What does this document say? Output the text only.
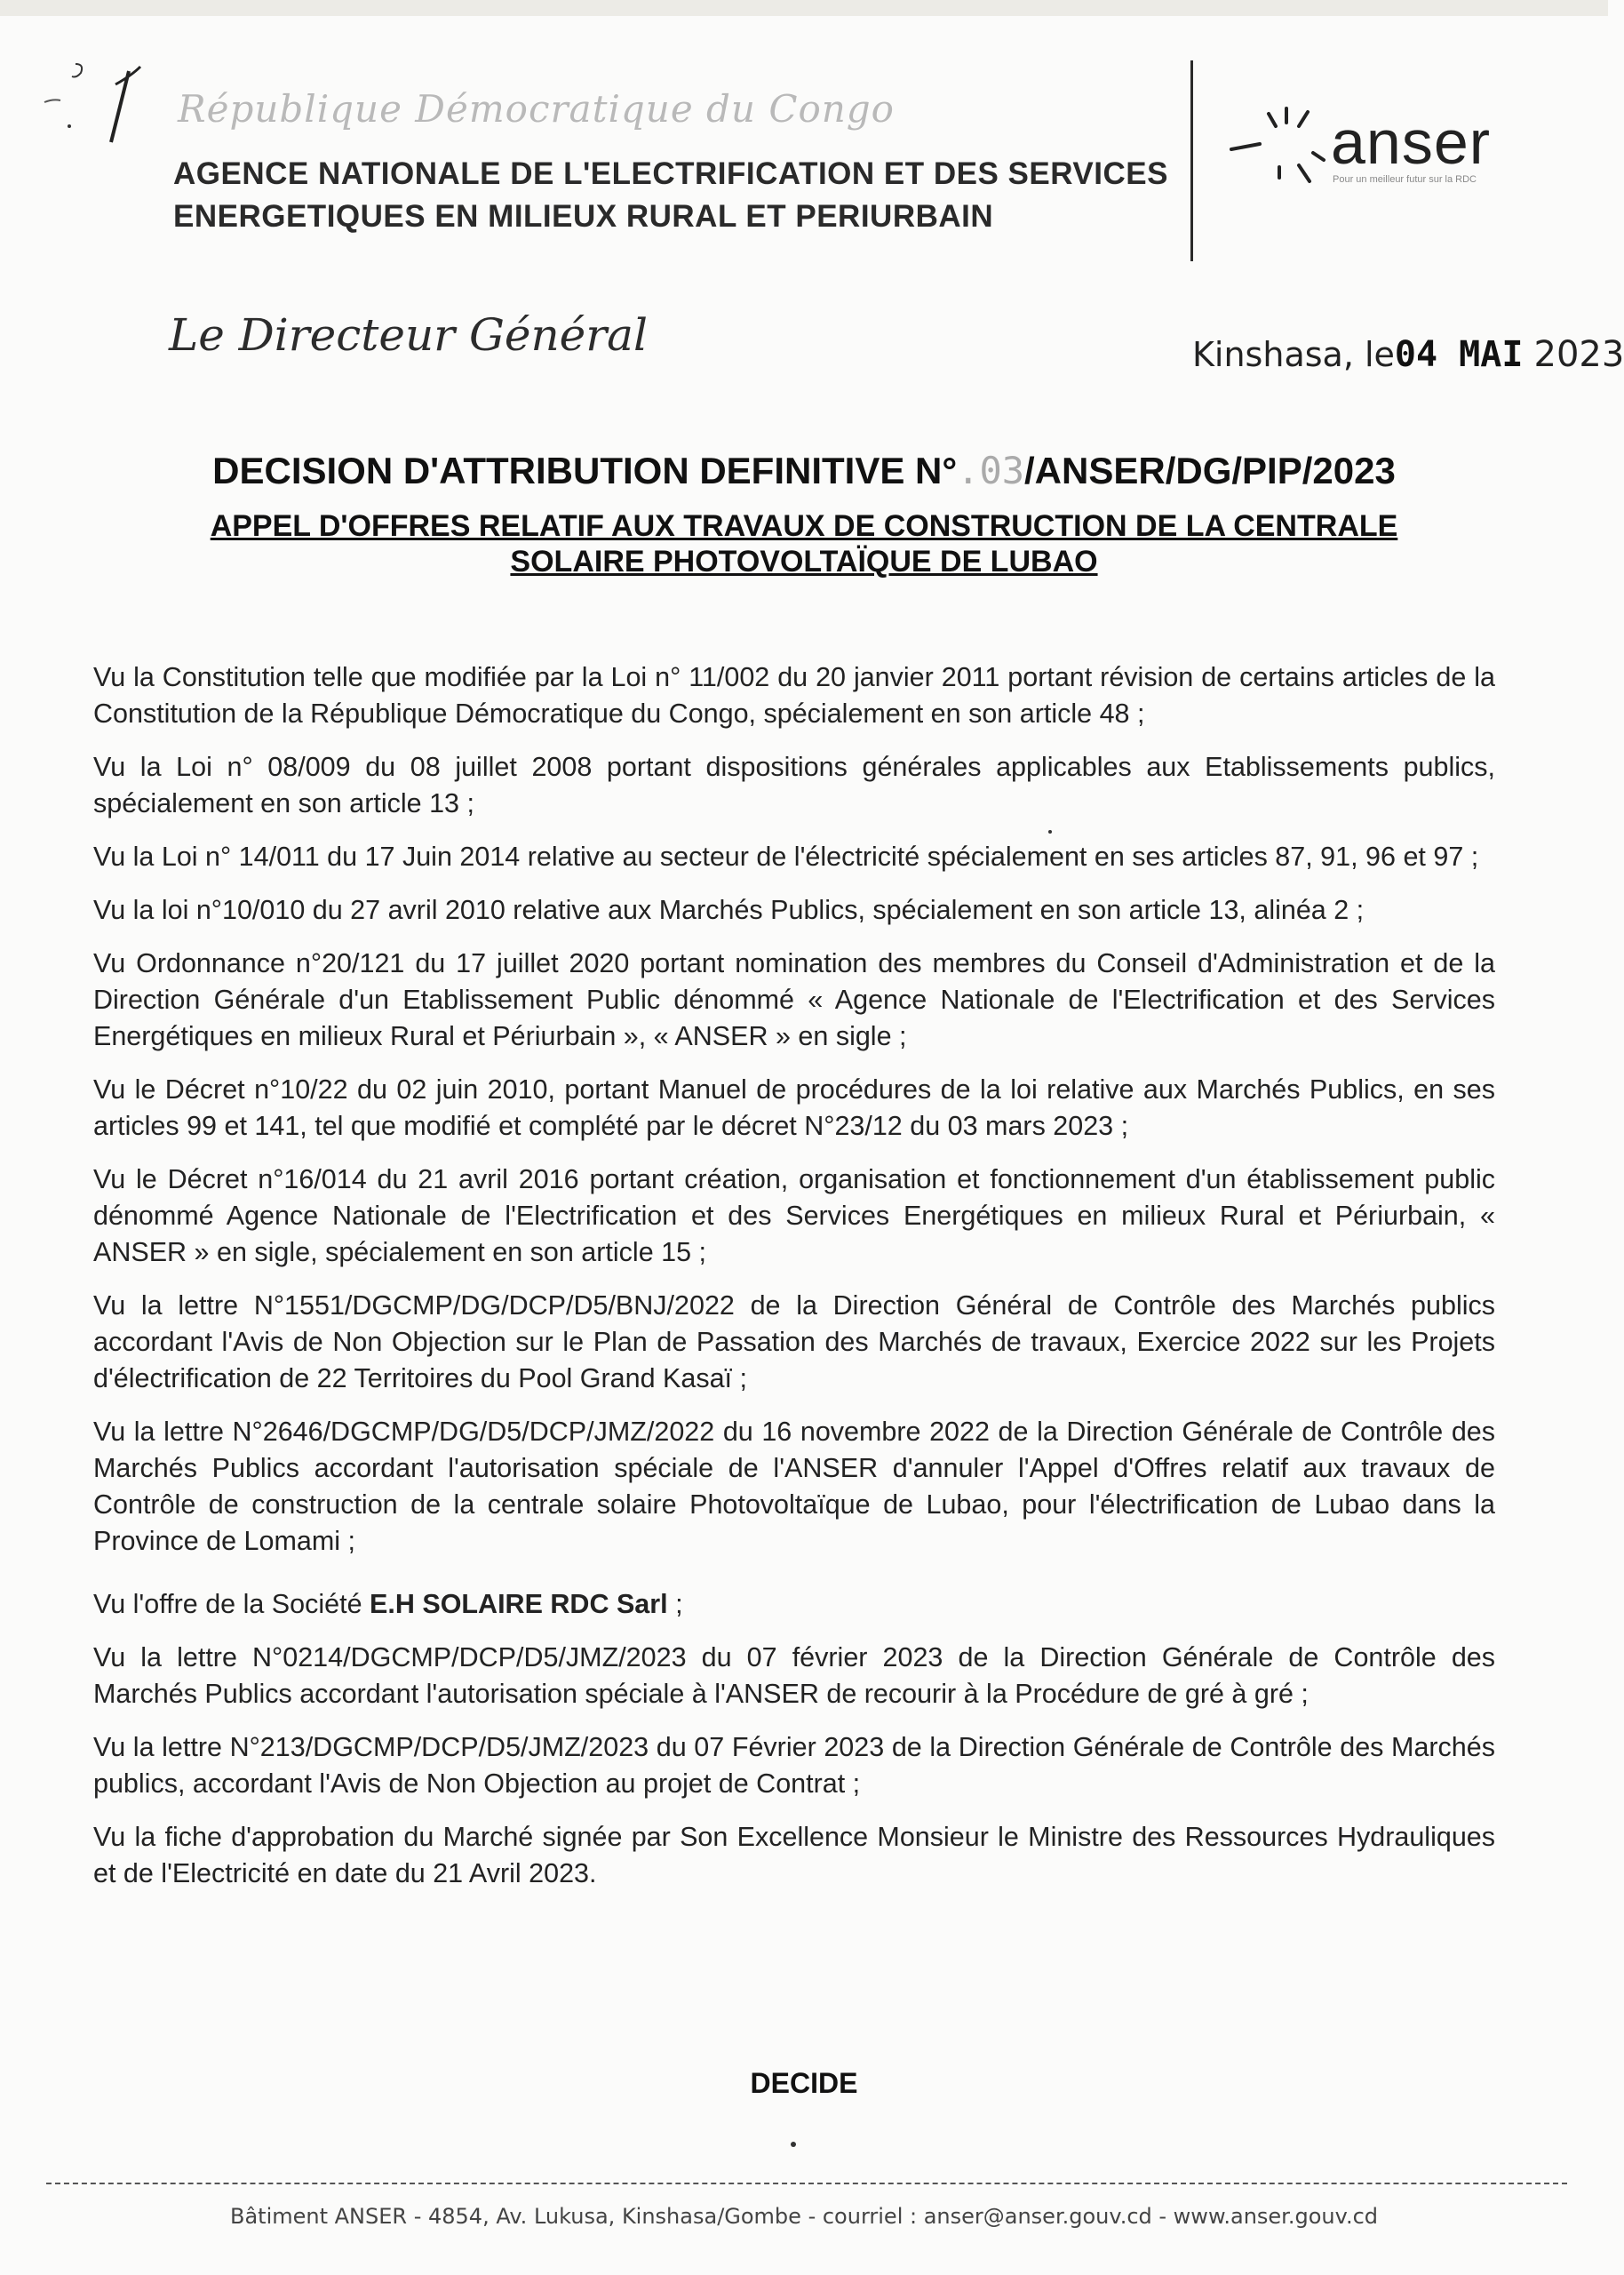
République Démocratique du Congo
AGENCE NATIONALE DE L'ELECTRIFICATION ET DES SERVICES
ENERGETIQUES EN MILIEUX RURAL ET PERIURBAIN
anser
Pour un meilleur futur sur la RDC
Le Directeur Général	Kinshasa, le04 MAI 2023
DECISION D'ATTRIBUTION DEFINITIVE N°.03/ANSER/DG/PIP/2023
APPEL D'OFFRES RELATIF AUX TRAVAUX DE CONSTRUCTION DE LA CENTRALE
SOLAIRE PHOTOVOLTAÏQUE DE LUBAO

Vu la Constitution telle que modifiée par la Loi n° 11/002 du 20 janvier 2011 portant révision de certains articles de la Constitution de la République Démocratique du Congo, spécialement en son article 48 ;

Vu la Loi n° 08/009 du 08 juillet 2008 portant dispositions générales applicables aux Etablissements publics, spécialement en son article 13 ;

Vu la Loi n° 14/011 du 17 Juin 2014 relative au secteur de l'électricité spécialement en ses articles 87, 91, 96 et 97 ;

Vu la loi n°10/010 du 27 avril 2010 relative aux Marchés Publics, spécialement en son article 13, alinéa 2 ;

Vu Ordonnance n°20/121 du 17 juillet 2020 portant nomination des membres du Conseil d'Administration et de la Direction Générale d'un Etablissement Public dénommé « Agence Nationale de l'Electrification et des Services Energétiques en milieux Rural et Périurbain », « ANSER » en sigle ;

Vu le Décret n°10/22 du 02 juin 2010, portant Manuel de procédures de la loi relative aux Marchés Publics, en ses articles 99 et 141, tel que modifié et complété par le décret N°23/12 du 03 mars 2023 ;

Vu le Décret n°16/014 du 21 avril 2016 portant création, organisation et fonctionnement d'un établissement public dénommé Agence Nationale de l'Electrification et des Services Energétiques en milieux Rural et Périurbain, « ANSER » en sigle, spécialement en son article 15 ;

Vu la lettre N°1551/DGCMP/DG/DCP/D5/BNJ/2022 de la Direction Général de Contrôle des Marchés publics accordant l'Avis de Non Objection sur le Plan de Passation des Marchés de travaux, Exercice 2022 sur les Projets d'électrification de 22 Territoires du Pool Grand Kasaï ;

Vu la lettre N°2646/DGCMP/DG/D5/DCP/JMZ/2022 du 16 novembre 2022 de la Direction Générale de Contrôle des Marchés Publics accordant l'autorisation spéciale de l'ANSER d'annuler l'Appel d'Offres relatif aux travaux de Contrôle de construction de la centrale solaire Photovoltaïque de Lubao, pour l'électrification de Lubao dans la Province de Lomami ;

Vu l'offre de la Société E.H SOLAIRE RDC Sarl ;

Vu la lettre N°0214/DGCMP/DCP/D5/JMZ/2023 du 07 février 2023 de la Direction Générale de Contrôle des Marchés Publics accordant l'autorisation spéciale à l'ANSER de recourir à la Procédure de gré à gré ;

Vu la lettre N°213/DGCMP/DCP/D5/JMZ/2023 du 07 Février 2023 de la Direction Générale de Contrôle des Marchés publics, accordant l'Avis de Non Objection au projet de Contrat ;

Vu la fiche d'approbation du Marché signée par Son Excellence Monsieur le Ministre des Ressources Hydrauliques et de l'Electricité en date du 21 Avril 2023.

DECIDE
Bâtiment ANSER - 4854, Av. Lukusa, Kinshasa/Gombe - courriel : anser@anser.gouv.cd - www.anser.gouv.cd
